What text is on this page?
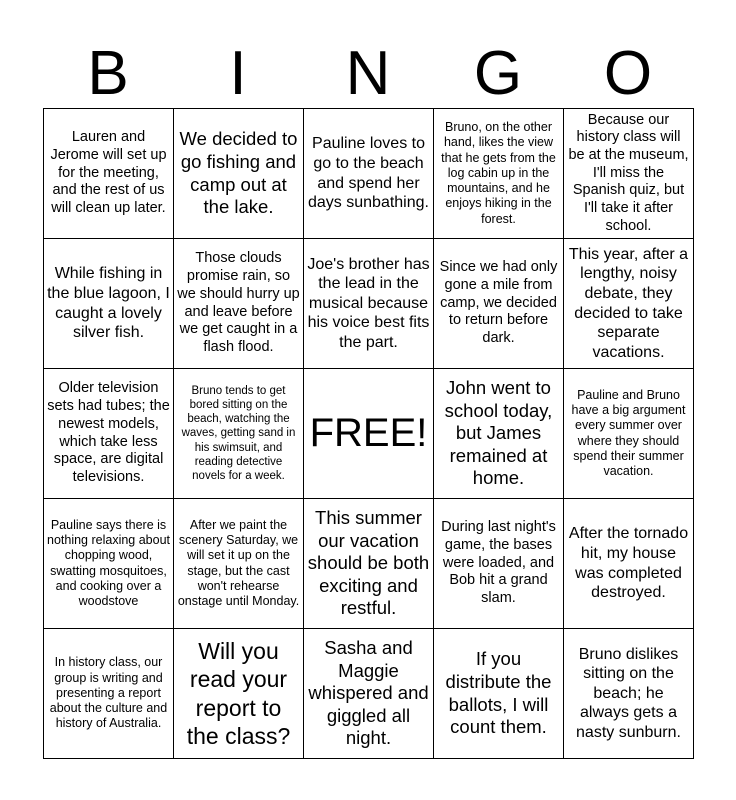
B	I	N	G	O
Lauren and Jerome will set up for the meeting, and the rest of us will clean up later.	We decided to go fishing and camp out at the lake.	Pauline loves to go to the beach and spend her days sunbathing.	Bruno, on the other hand, likes the view that he gets from the log cabin up in the mountains, and he enjoys hiking in the forest.	Because our history class will be at the museum, I'll miss the Spanish quiz, but I'll take it after school.
While fishing in the blue lagoon, I caught a lovely silver fish.	Those clouds promise rain, so we should hurry up and leave before we get caught in a flash flood.	Joe's brother has the lead in the musical because his voice best fits the part.	Since we had only gone a mile from camp, we decided to return before dark.	This year, after a lengthy, noisy debate, they decided to take separate vacations.
Older television sets had tubes; the newest models, which take less space, are digital televisions.	Bruno tends to get bored sitting on the beach, watching the waves, getting sand in his swimsuit, and reading detective novels for a week.	FREE!	John went to school today, but James remained at home.	Pauline and Bruno have a big argument every summer over where they should spend their summer vacation.
Pauline says there is nothing relaxing about chopping wood, swatting mosquitoes, and cooking over a woodstove	After we paint the scenery Saturday, we will set it up on the stage, but the cast won't rehearse onstage until Monday.	This summer our vacation should be both exciting and restful.	During last night's game, the bases were loaded, and Bob hit a grand slam.	After the tornado hit, my house was completed destroyed.
In history class, our group is writing and presenting a report about the culture and history of Australia.	Will you read your report to the class?	Sasha and Maggie whispered and giggled all night.	If you distribute the ballots, I will count them.	Bruno dislikes sitting on the beach; he always gets a nasty sunburn.
